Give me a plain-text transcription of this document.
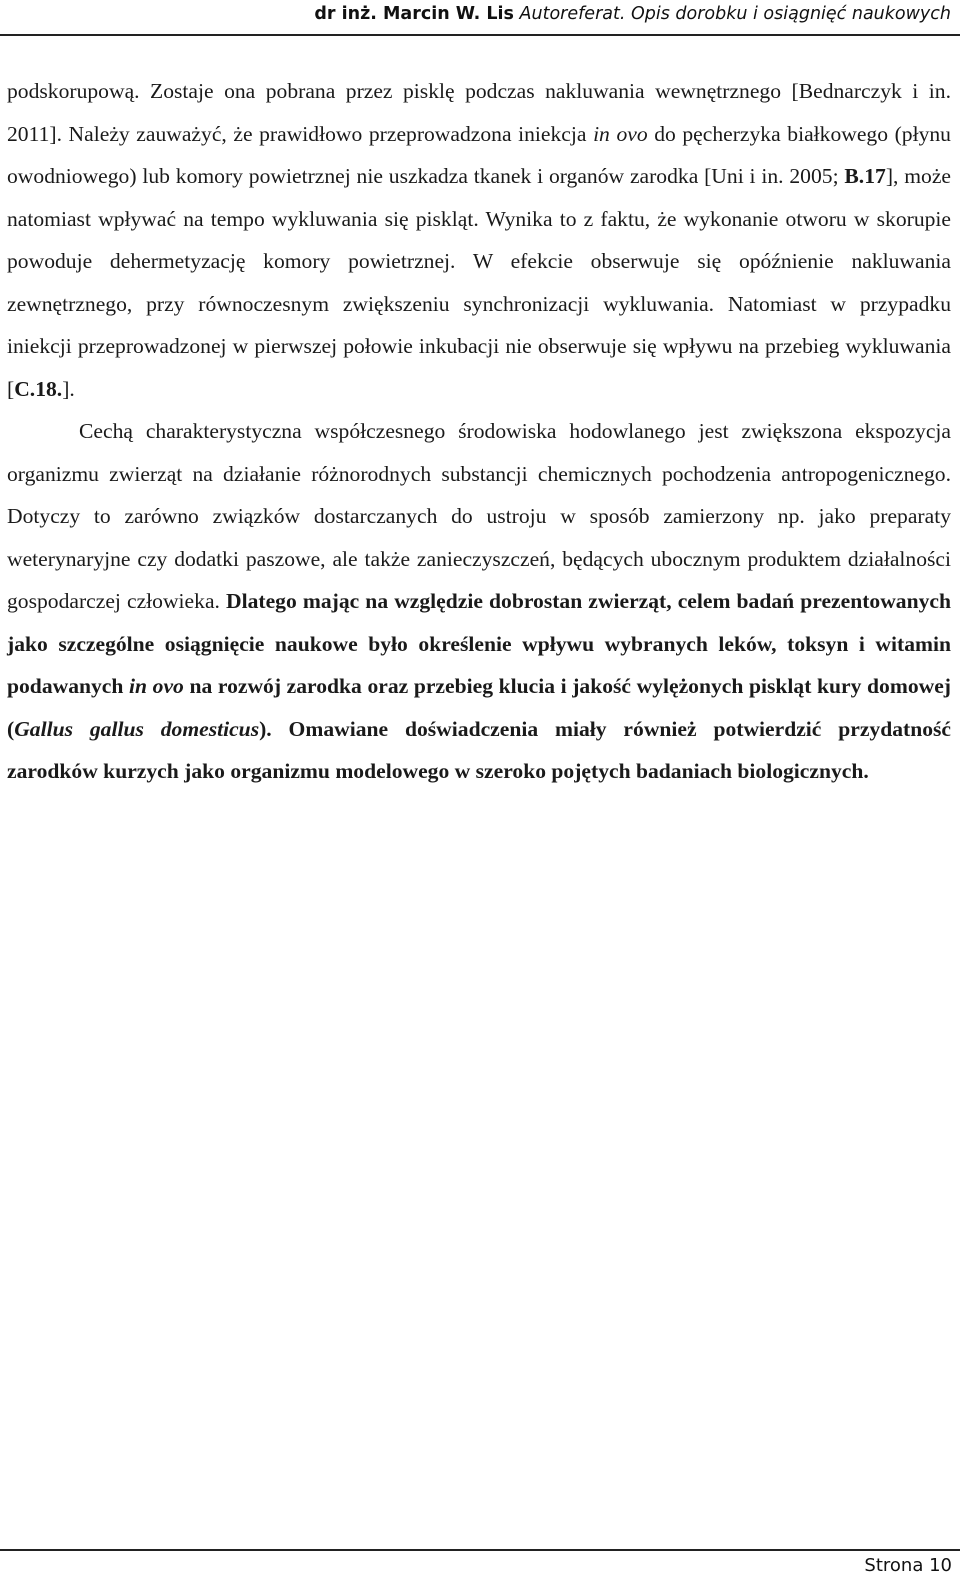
dr inż. Marcin W. Lis Autoreferat. Opis dorobku i osiągnięć naukowych

podskorupową. Zostaje ona pobrana przez pisklę podczas nakluwania wewnętrznego [Bednarczyk i in. 2011]. Należy zauważyć, że prawidłowo przeprowadzona iniekcja in ovo do pęcherzyka białkowego (płynu owodniowego) lub komory powietrznej nie uszkadza tkanek i organów zarodka [Uni i in. 2005; B.17], może natomiast wpływać na tempo wykluwania się piskląt. Wynika to z faktu, że wykonanie otworu w skorupie powoduje dehermetyzację komory powietrznej. W efekcie obserwuje się opóźnienie nakluwania zewnętrznego, przy równoczesnym zwiększeniu synchronizacji wykluwania. Natomiast w przypadku iniekcji przeprowadzonej w pierwszej połowie inkubacji nie obserwuje się wpływu na przebieg wykluwania [C.18.].

Cechą charakterystyczna współczesnego środowiska hodowlanego jest zwiększona ekspozycja organizmu zwierząt na działanie różnorodnych substancji chemicznych pochodzenia antropogenicznego. Dotyczy to zarówno związków dostarczanych do ustroju w sposób zamierzony np. jako preparaty weterynaryjne czy dodatki paszowe, ale także zanieczyszczeń, będących ubocznym produktem działalności gospodarczej człowieka. Dlatego mając na względzie dobrostan zwierząt, celem badań prezentowanych jako szczególne osiągnięcie naukowe było określenie wpływu wybranych leków, toksyn i witamin podawanych in ovo na rozwój zarodka oraz przebieg klucia i jakość wylężonych piskląt kury domowej (Gallus gallus domesticus). Omawiane doświadczenia miały również potwierdzić przydatność zarodków kurzych jako organizmu modelowego w szeroko pojętych badaniach biologicznych.

Strona 10
